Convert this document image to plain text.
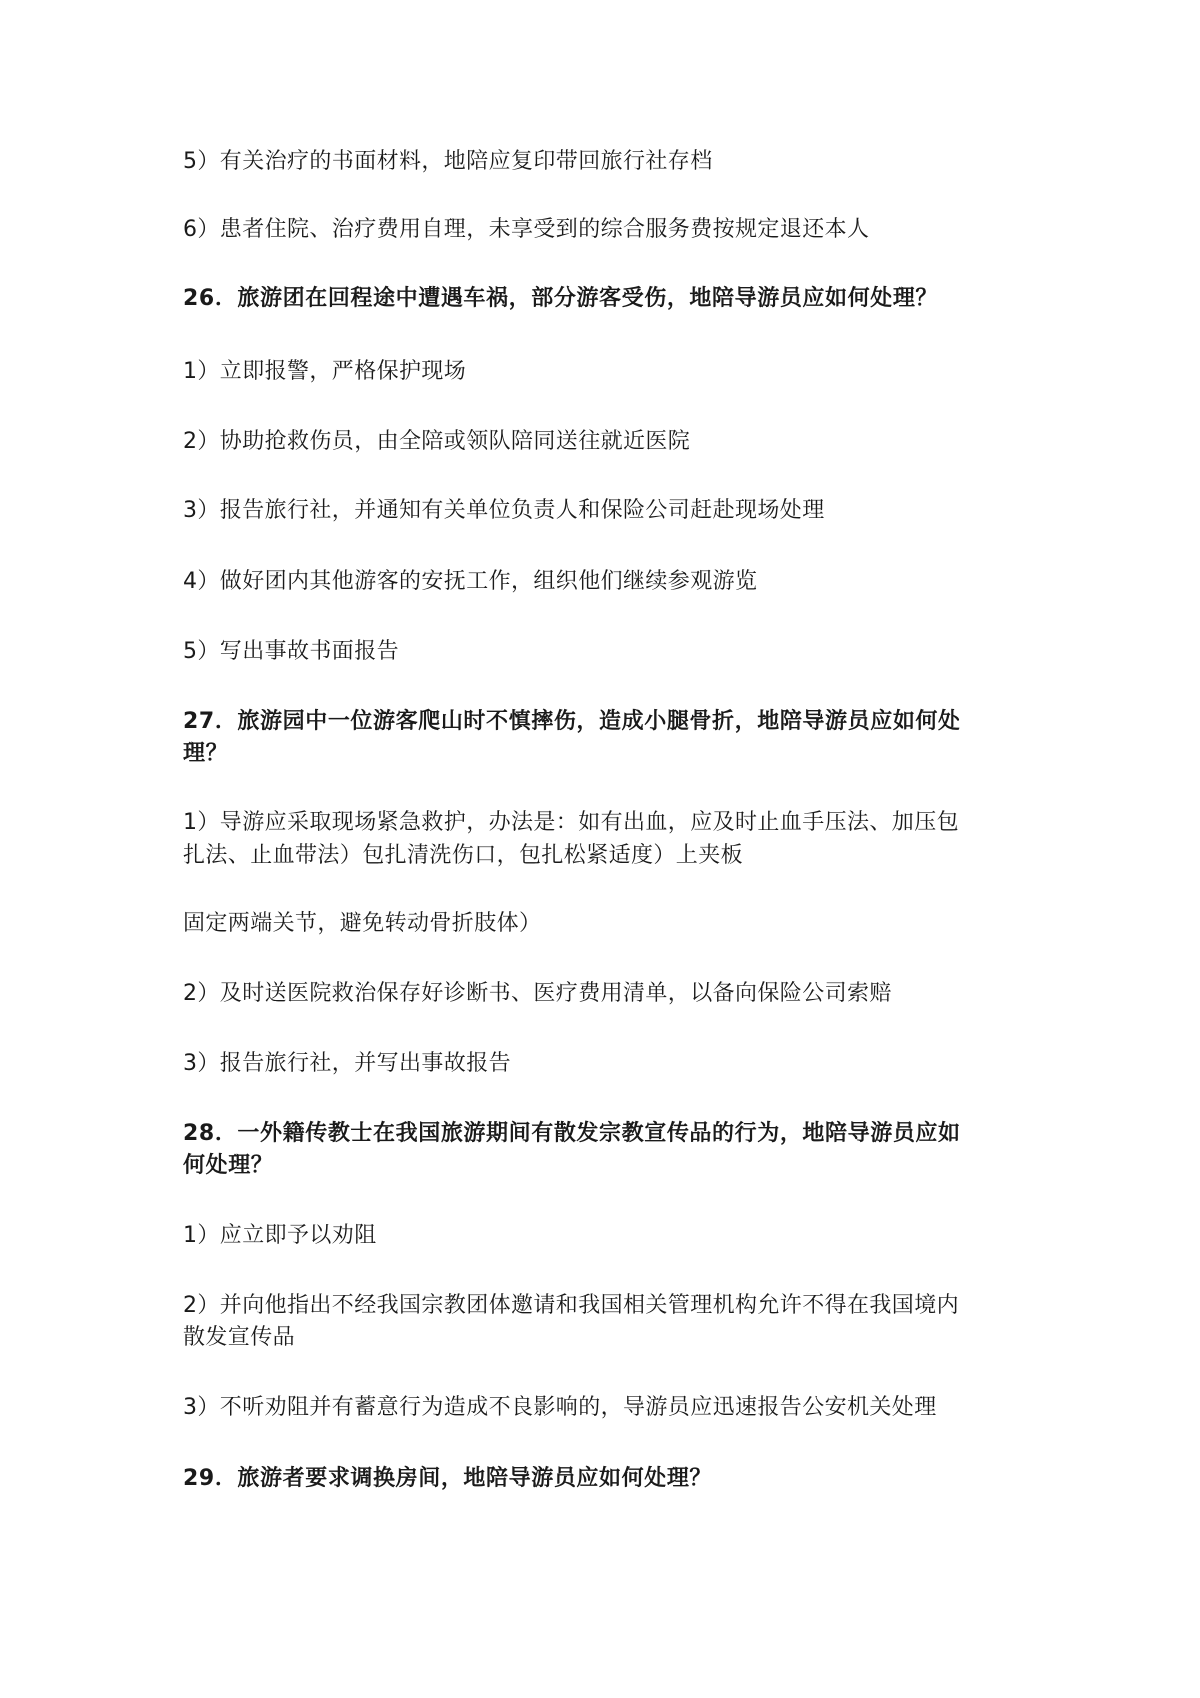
5）有关治疗的书面材料，地陪应复印带回旅行社存档
6）患者住院、治疗费用自理，未享受到的综合服务费按规定退还本人
26．旅游团在回程途中遭遇车祸，部分游客受伤，地陪导游员应如何处理？
1）立即报警，严格保护现场
2）协助抢救伤员，由全陪或领队陪同送往就近医院
3）报告旅行社，并通知有关单位负责人和保险公司赶赴现场处理
4）做好团内其他游客的安抚工作，组织他们继续参观游览
5）写出事故书面报告
27．旅游园中一位游客爬山时不慎摔伤，造成小腿骨折，地陪导游员应如何处
理？
1）导游应采取现场紧急救护，办法是：如有出血，应及时止血手压法、加压包
扎法、止血带法）包扎清洗伤口，包扎松紧适度）上夹板
固定两端关节，避免转动骨折肢体）
2）及时送医院救治保存好诊断书、医疗费用清单，以备向保险公司索赔
3）报告旅行社，并写出事故报告
28．一外籍传教士在我国旅游期间有散发宗教宣传品的行为，地陪导游员应如
何处理？
1）应立即予以劝阻
2）并向他指出不经我国宗教团体邀请和我国相关管理机构允许不得在我国境内
散发宣传品
3）不听劝阻并有蓄意行为造成不良影响的，导游员应迅速报告公安机关处理
29．旅游者要求调换房间，地陪导游员应如何处理？
